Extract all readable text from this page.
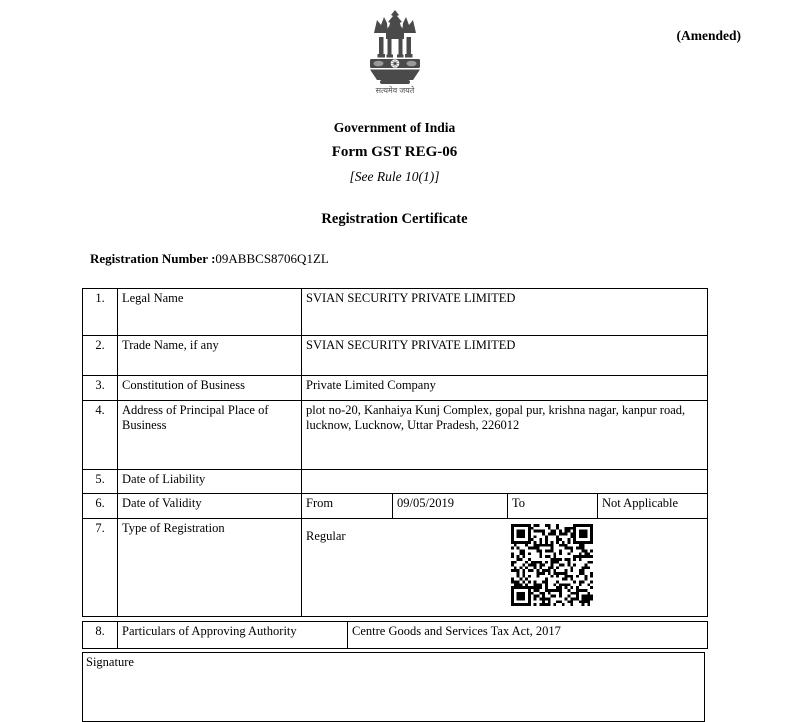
(Amended)
सत्यमेव जयते

Government of India

Form GST REG-06

[See Rule 10(1)]

Registration Certificate

Registration Number :09ABBCS8706Q1ZL
1.	Legal Name	SVIAN SECURITY PRIVATE LIMITED			
2.	Trade Name, if any	SVIAN SECURITY PRIVATE LIMITED			
3.	Constitution of Business	Private Limited Company			
4.	Address of Principal Place of Business	plot no-20, Kanhaiya Kunj Complex, gopal pur, krishna nagar, kanpur road, lucknow, Lucknow, Uttar Pradesh, 226012			
5.	Date of Liability				
6.	Date of Validity	From	09/05/2019	To	Not Applicable
7.	Type of Registration	Regular			
8.	Particulars of Approving Authority	Centre Goods and Services Tax Act, 2017
Signature
